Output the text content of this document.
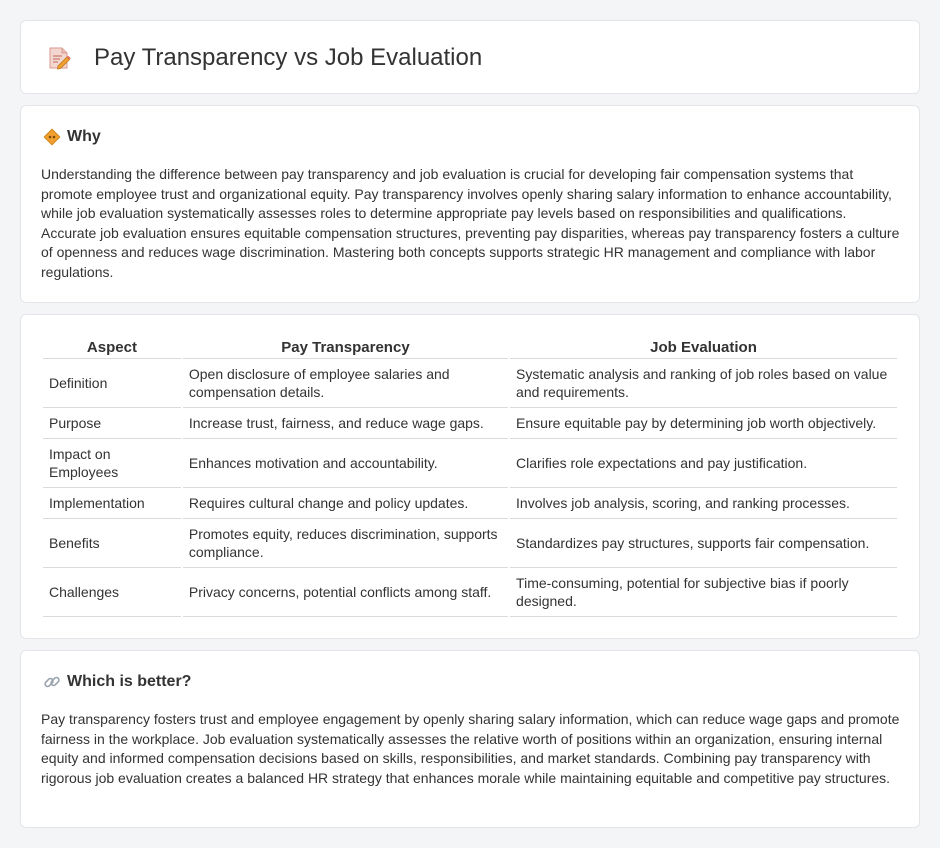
Pay Transparency vs Job Evaluation
Why

Understanding the difference between pay transparency and job evaluation is crucial for developing fair compensation systems that promote employee trust and organizational equity. Pay transparency involves openly sharing salary information to enhance accountability, while job evaluation systematically assesses roles to determine appropriate pay levels based on responsibilities and qualifications. Accurate job evaluation ensures equitable compensation structures, preventing pay disparities, whereas pay transparency fosters a culture of openness and reduces wage discrimination. Mastering both concepts supports strategic HR management and compliance with labor regulations.

Aspect	Pay Transparency	Job Evaluation
Definition	Open disclosure of employee salaries and compensation details.	Systematic analysis and ranking of job roles based on value and requirements.
Purpose	Increase trust, fairness, and reduce wage gaps.	Ensure equitable pay by determining job worth objectively.
Impact on Employees	Enhances motivation and accountability.	Clarifies role expectations and pay justification.
Implementation	Requires cultural change and policy updates.	Involves job analysis, scoring, and ranking processes.
Benefits	Promotes equity, reduces discrimination, supports compliance.	Standardizes pay structures, supports fair compensation.
Challenges	Privacy concerns, potential conflicts among staff.	Time-consuming, potential for subjective bias if poorly designed.
Which is better?

Pay transparency fosters trust and employee engagement by openly sharing salary information, which can reduce wage gaps and promote fairness in the workplace. Job evaluation systematically assesses the relative worth of positions within an organization, ensuring internal equity and informed compensation decisions based on skills, responsibilities, and market standards. Combining pay transparency with rigorous job evaluation creates a balanced HR strategy that enhances morale while maintaining equitable and competitive pay structures.
